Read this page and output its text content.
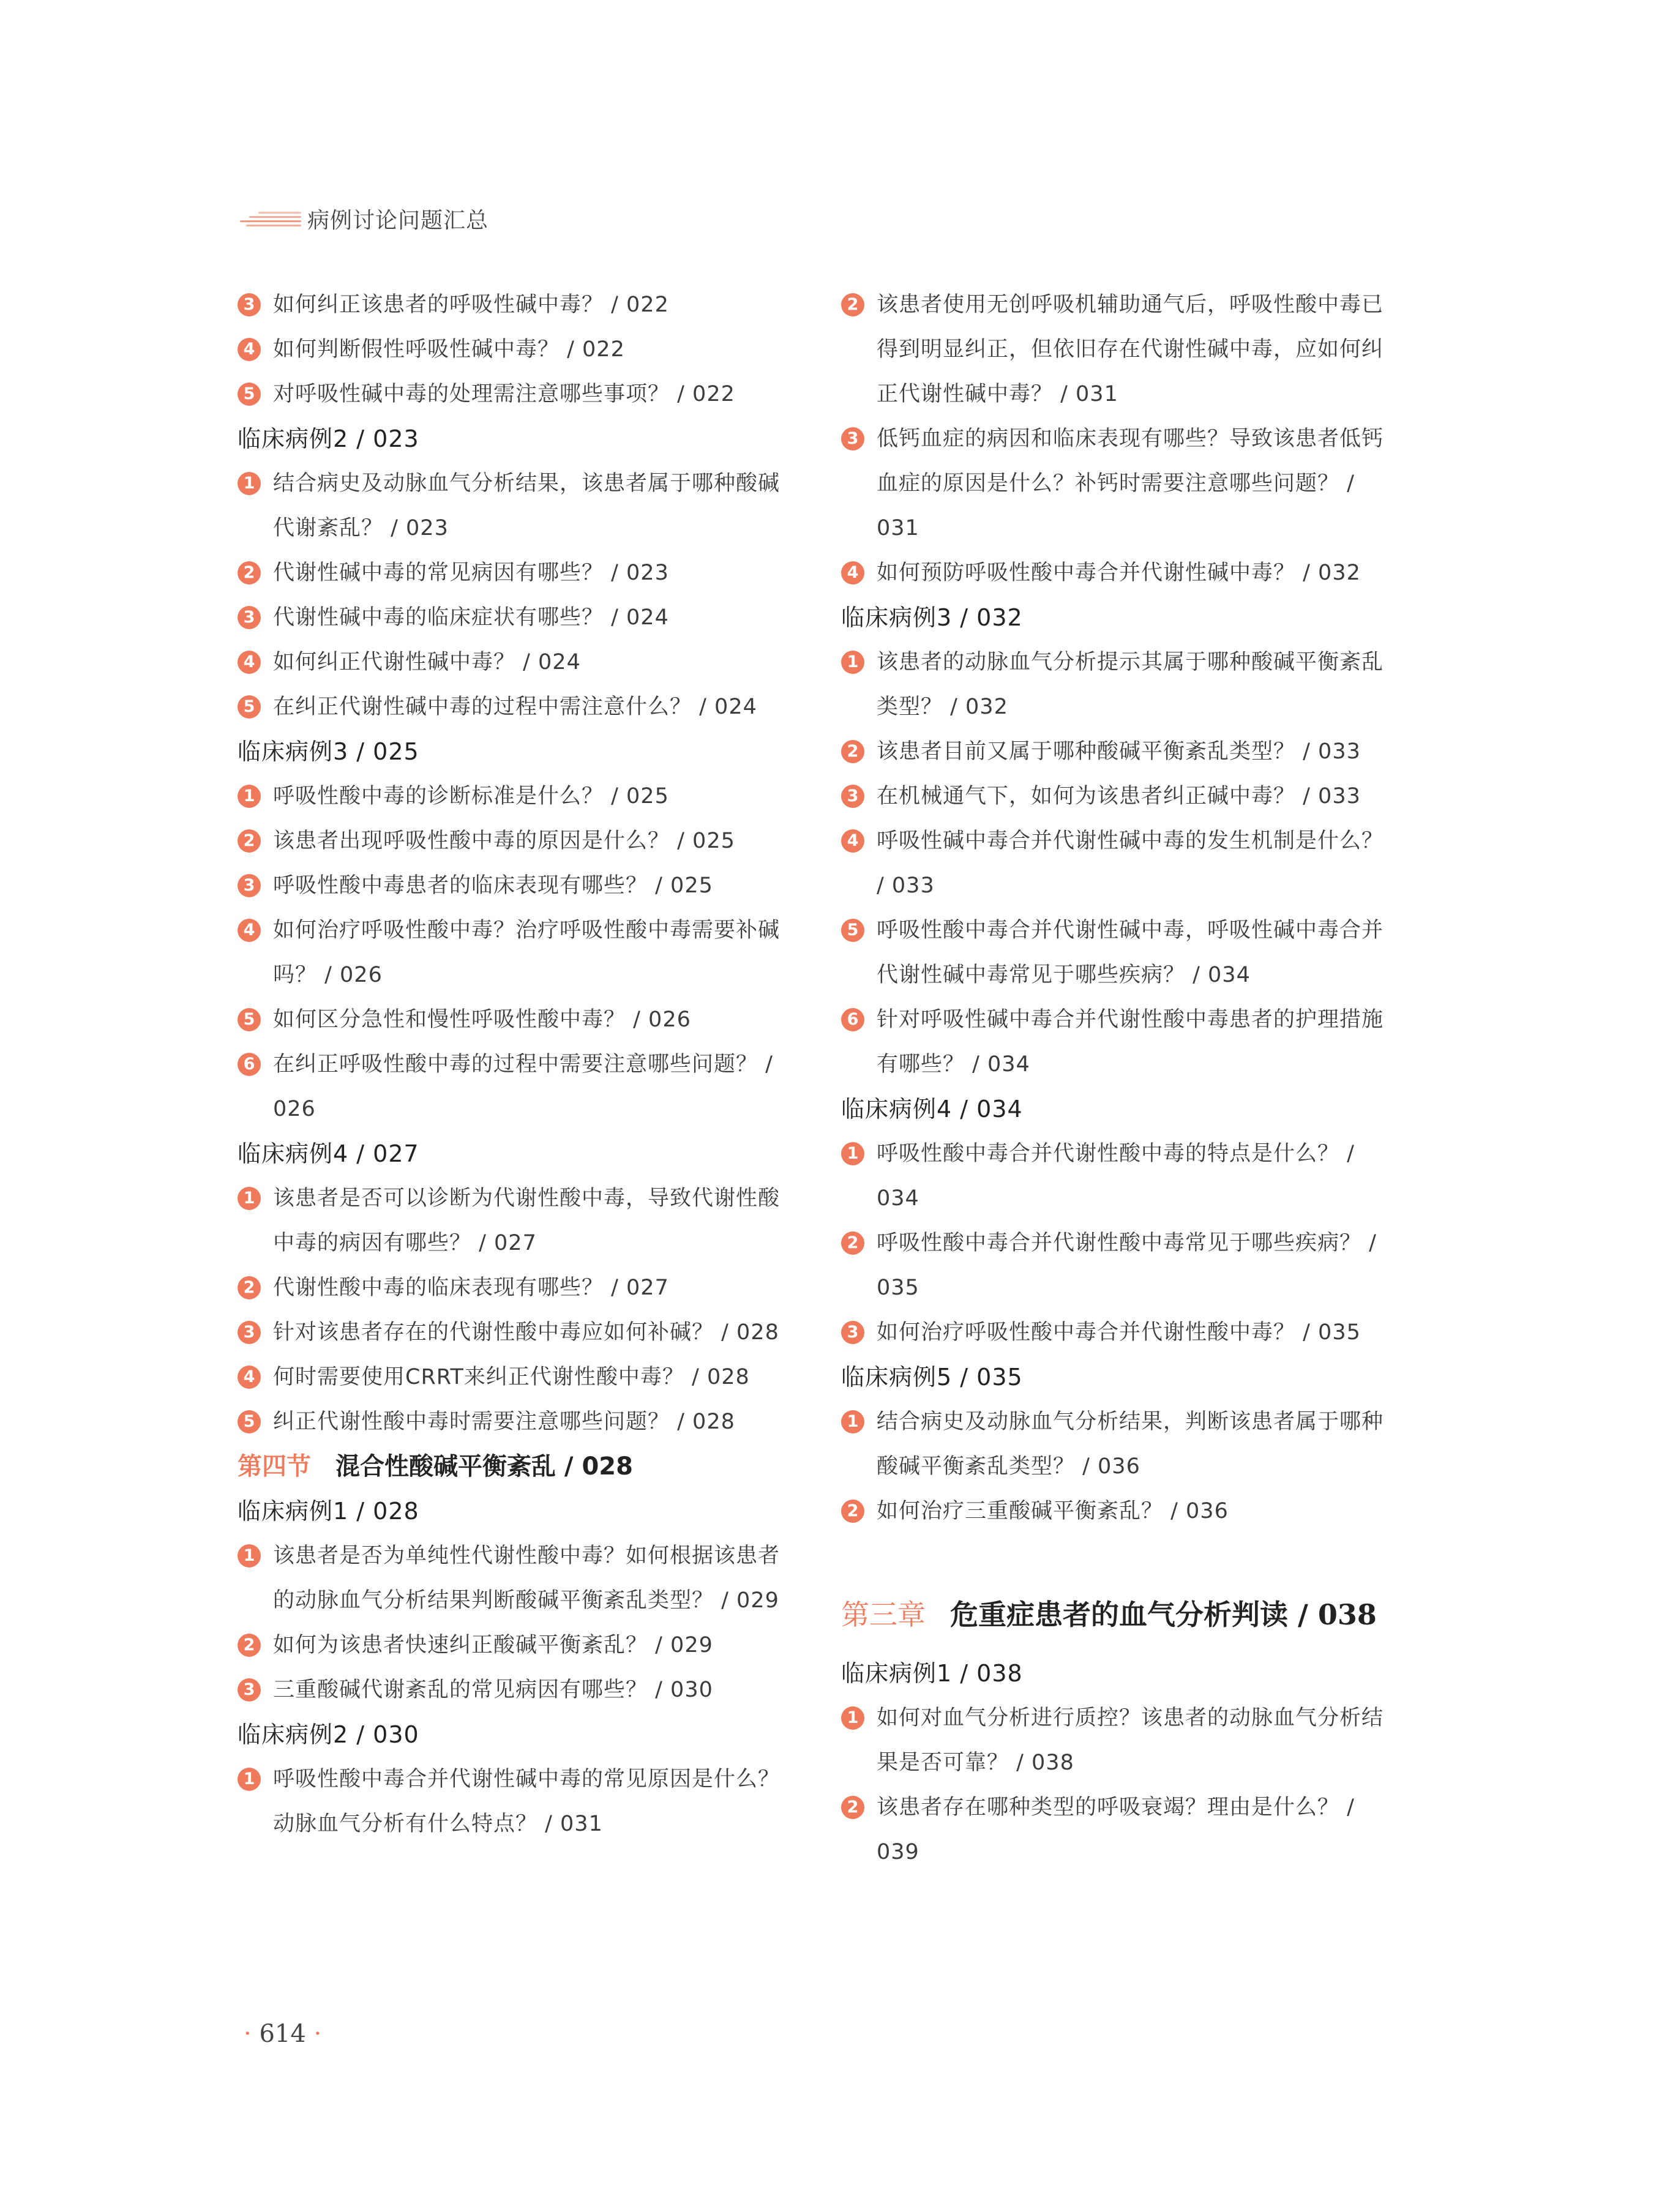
病例讨论问题汇总
3 如何纠正该患者的呼吸性碱中毒？ / 022
4 如何判断假性呼吸性碱中毒？ / 022
5 对呼吸性碱中毒的处理需注意哪些事项？ / 022
临床病例2 / 023
1 结合病史及动脉血气分析结果，该患者属于哪种酸碱代谢紊乱？ / 023
2 代谢性碱中毒的常见病因有哪些？ / 023
3 代谢性碱中毒的临床症状有哪些？ / 024
4 如何纠正代谢性碱中毒？ / 024
5 在纠正代谢性碱中毒的过程中需注意什么？ / 024
临床病例3 / 025
1 呼吸性酸中毒的诊断标准是什么？ / 025
2 该患者出现呼吸性酸中毒的原因是什么？ / 025
3 呼吸性酸中毒患者的临床表现有哪些？ / 025
4 如何治疗呼吸性酸中毒？治疗呼吸性酸中毒需要补碱吗？ / 026
5 如何区分急性和慢性呼吸性酸中毒？ / 026
6 在纠正呼吸性酸中毒的过程中需要注意哪些问题？ / 026
临床病例4 / 027
1 该患者是否可以诊断为代谢性酸中毒，导致代谢性酸中毒的病因有哪些？ / 027
2 代谢性酸中毒的临床表现有哪些？ / 027
3 针对该患者存在的代谢性酸中毒应如何补碱？ / 028
4 何时需要使用CRRT来纠正代谢性酸中毒？ / 028
5 纠正代谢性酸中毒时需要注意哪些问题？ / 028
第四节 混合性酸碱平衡紊乱 / 028
临床病例1 / 028
1 该患者是否为单纯性代谢性酸中毒？如何根据该患者的动脉血气分析结果判断酸碱平衡紊乱类型？ / 029
2 如何为该患者快速纠正酸碱平衡紊乱？ / 029
3 三重酸碱代谢紊乱的常见病因有哪些？ / 030
临床病例2 / 030
1 呼吸性酸中毒合并代谢性碱中毒的常见原因是什么？动脉血气分析有什么特点？ / 031
2 该患者使用无创呼吸机辅助通气后，呼吸性酸中毒已得到明显纠正，但依旧存在代谢性碱中毒，应如何纠正代谢性碱中毒？ / 031
3 低钙血症的病因和临床表现有哪些？导致该患者低钙血症的原因是什么？补钙时需要注意哪些问题？ / 031
4 如何预防呼吸性酸中毒合并代谢性碱中毒？ / 032
临床病例3 / 032
1 该患者的动脉血气分析提示其属于哪种酸碱平衡紊乱类型？ / 032
2 该患者目前又属于哪种酸碱平衡紊乱类型？ / 033
3 在机械通气下，如何为该患者纠正碱中毒？ / 033
4 呼吸性碱中毒合并代谢性碱中毒的发生机制是什么？ / 033
5 呼吸性酸中毒合并代谢性碱中毒，呼吸性碱中毒合并代谢性碱中毒常见于哪些疾病？ / 034
6 针对呼吸性碱中毒合并代谢性酸中毒患者的护理措施有哪些？ / 034
临床病例4 / 034
1 呼吸性酸中毒合并代谢性酸中毒的特点是什么？ / 034
2 呼吸性酸中毒合并代谢性酸中毒常见于哪些疾病？ / 035
3 如何治疗呼吸性酸中毒合并代谢性酸中毒？ / 035
临床病例5 / 035
1 结合病史及动脉血气分析结果，判断该患者属于哪种酸碱平衡紊乱类型？ / 036
2 如何治疗三重酸碱平衡紊乱？ / 036
第三章 危重症患者的血气分析判读 / 038
临床病例1 / 038
1 如何对血气分析进行质控？该患者的动脉血气分析结果是否可靠？ / 038
2 该患者存在哪种类型的呼吸衰竭？理由是什么？ / 039
· 614 ·
